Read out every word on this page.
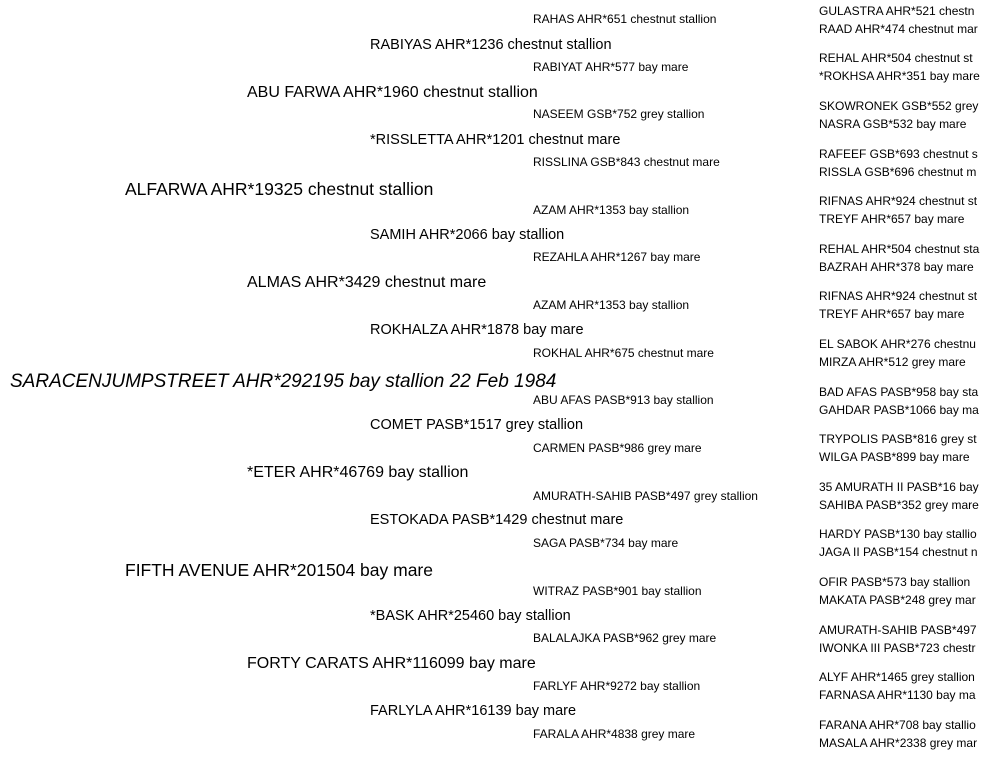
SARACENJUMPSTREET AHR*292195 bay stallion 22 Feb 1984
ALFARWA AHR*19325 chestnut stallion
FIFTH AVENUE AHR*201504 bay mare
ABU FARWA AHR*1960 chestnut stallion
ALMAS AHR*3429 chestnut mare
*ETER AHR*46769 bay stallion
FORTY CARATS AHR*116099 bay mare
RABIYAS AHR*1236 chestnut stallion
*RISSLETTA AHR*1201 chestnut mare
SAMIH AHR*2066 bay stallion
ROKHALZA AHR*1878 bay mare
COMET PASB*1517 grey stallion
ESTOKADA PASB*1429 chestnut mare
*BASK AHR*25460 bay stallion
FARLYLA AHR*16139 bay mare
RAHAS AHR*651 chestnut stallion
RABIYAT AHR*577 bay mare
NASEEM GSB*752 grey stallion
RISSLINA GSB*843 chestnut mare
AZAM AHR*1353 bay stallion
REZAHLA AHR*1267 bay mare
AZAM AHR*1353 bay stallion
ROKHAL AHR*675 chestnut mare
ABU AFAS PASB*913 bay stallion
CARMEN PASB*986 grey mare
AMURATH-SAHIB PASB*497 grey stallion
SAGA PASB*734 bay mare
WITRAZ PASB*901 bay stallion
BALALAJKA PASB*962 grey mare
FARLYF AHR*9272 bay stallion
FARALA AHR*4838 grey mare
GULASTRA AHR*521 chestn
RAAD AHR*474 chestnut mar
REHAL AHR*504 chestnut st
*ROKHSA AHR*351 bay mare
SKOWRONEK GSB*552 grey
NASRA GSB*532 bay mare
RAFEEF GSB*693 chestnut s
RISSLA GSB*696 chestnut m
RIFNAS AHR*924 chestnut st
TREYF AHR*657 bay mare
REHAL AHR*504 chestnut sta
BAZRAH AHR*378 bay mare
RIFNAS AHR*924 chestnut st
TREYF AHR*657 bay mare
EL SABOK AHR*276 chestnu
MIRZA AHR*512 grey mare
BAD AFAS PASB*958 bay sta
GAHDAR PASB*1066 bay ma
TRYPOLIS PASB*816 grey st
WILGA PASB*899 bay mare
35 AMURATH II PASB*16 bay
SAHIBA PASB*352 grey mare
HARDY PASB*130 bay stallio
JAGA II PASB*154 chestnut n
OFIR PASB*573 bay stallion
MAKATA PASB*248 grey mar
AMURATH-SAHIB PASB*497
IWONKA III PASB*723 chestr
ALYF AHR*1465 grey stallion
FARNASA AHR*1130 bay ma
FARANA AHR*708 bay stallio
MASALA AHR*2338 grey mar
